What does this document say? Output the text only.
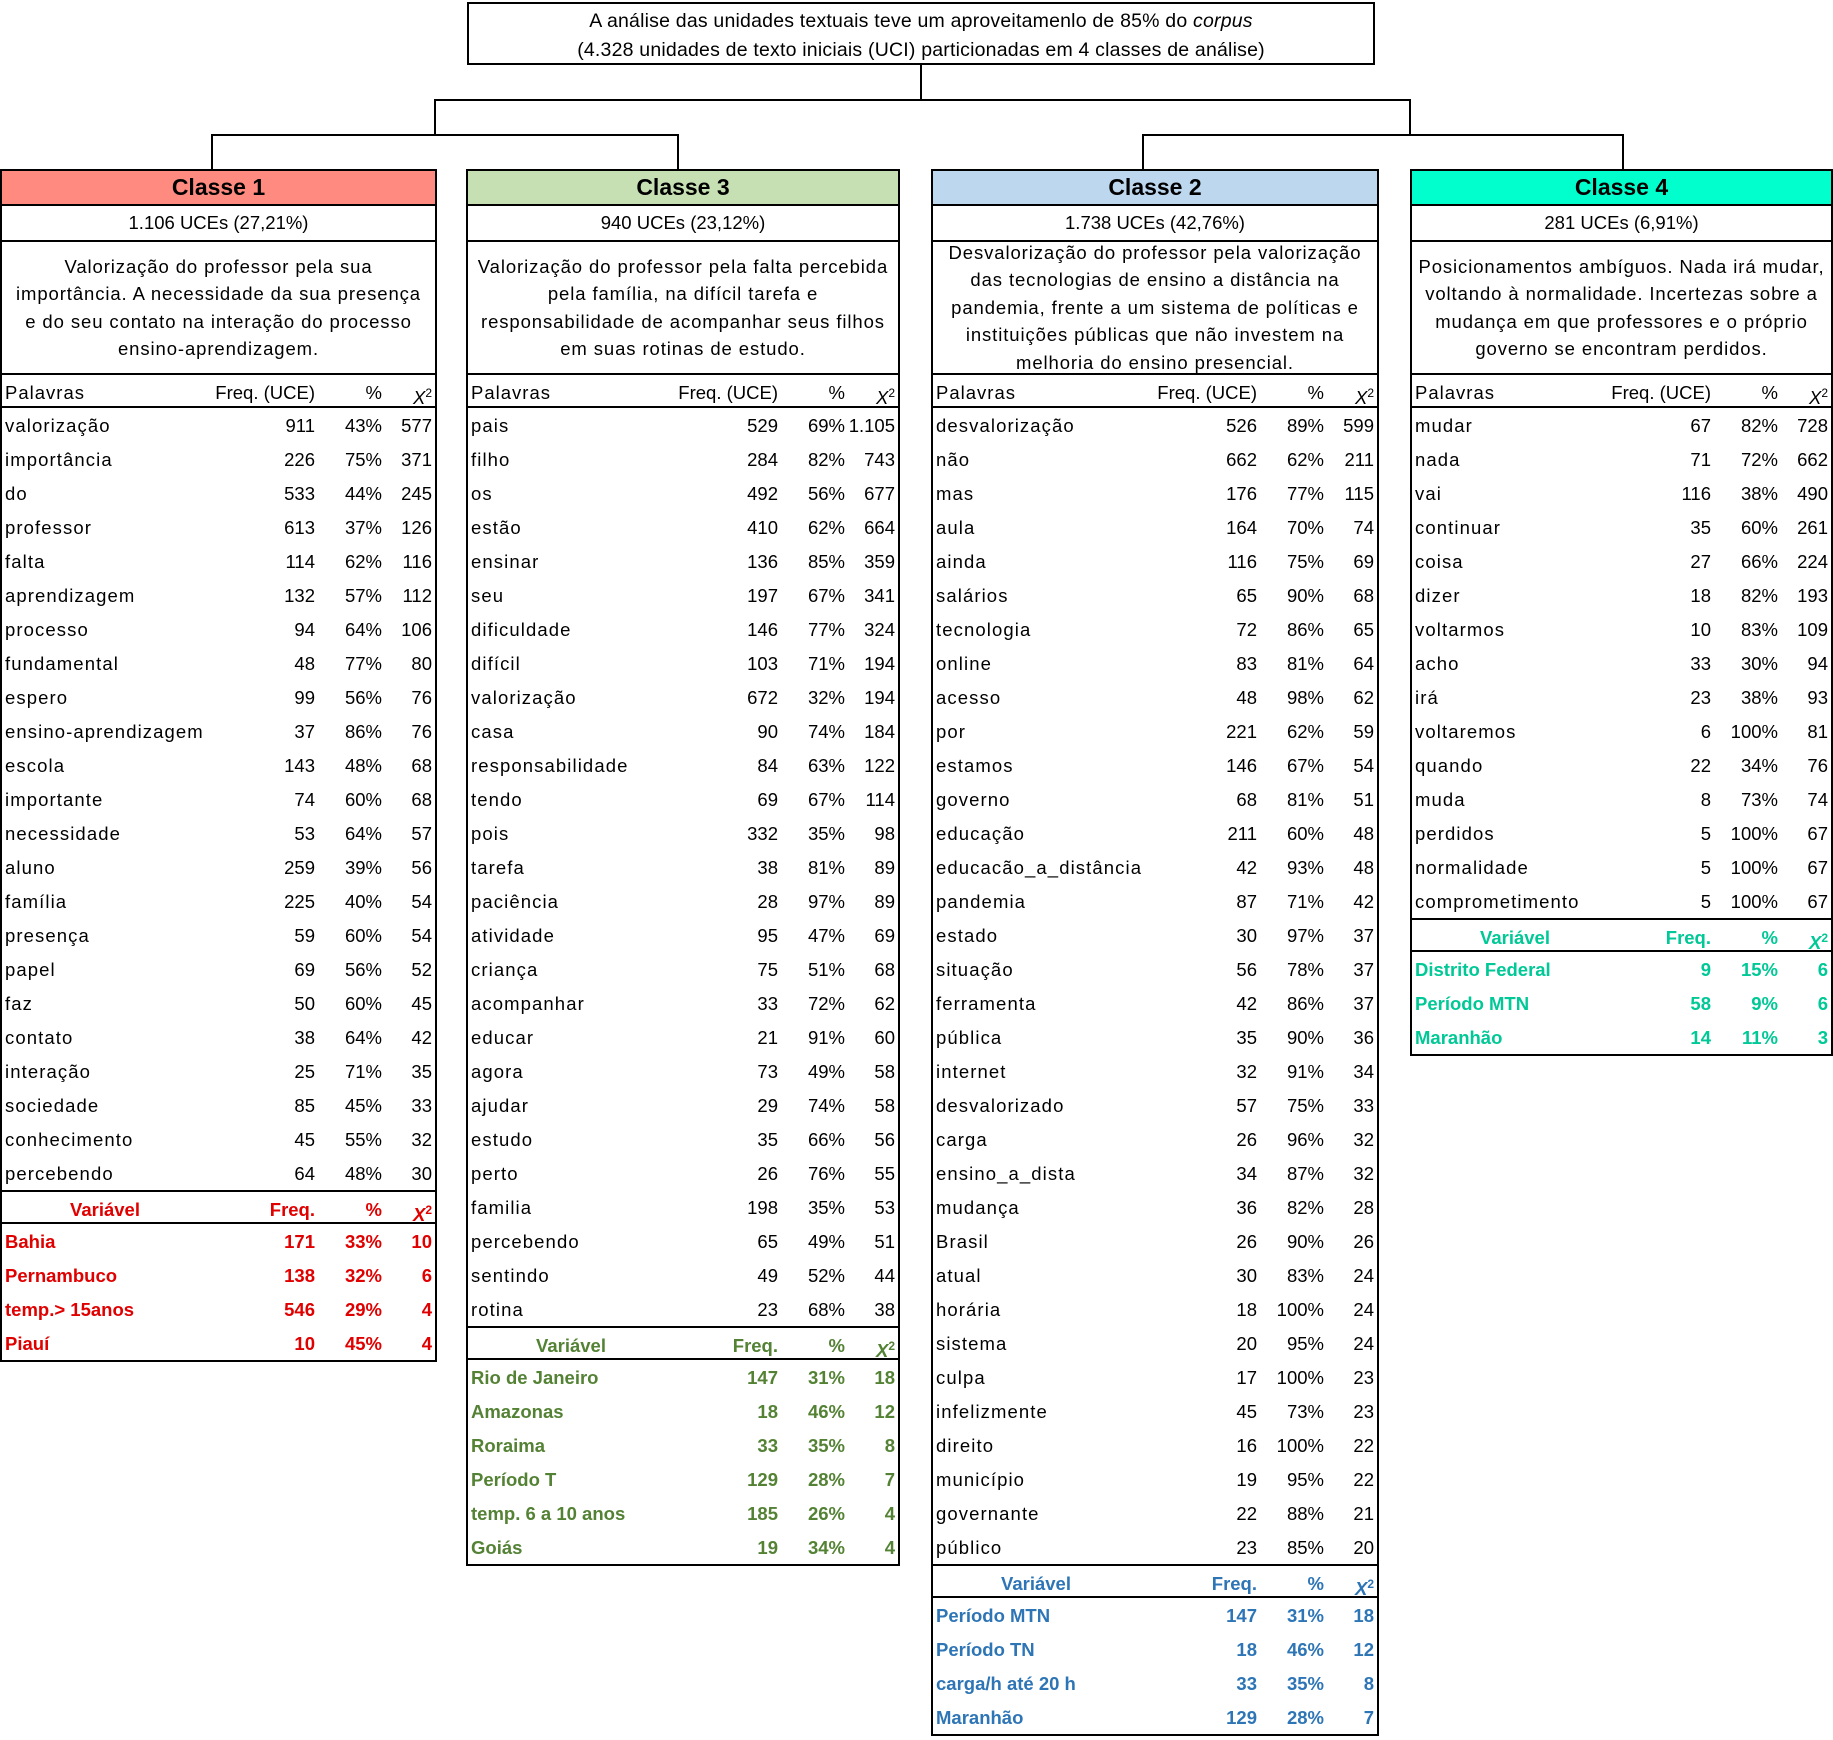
A análise das unidades textuais teve um aproveitamenlo de 85% do corpus
(4.328 unidades de texto iniciais (UCI) particionadas em 4 classes de análise)
Classe 1
1.106 UCEs (27,21%)
Valorização do professor pela sua importância. A necessidade da sua presença e do seu contato na interação do processo ensino-aprendizagem.
Palavras	Freq. (UCE)	%	$X^2$
valorização	911	43%	577
importância	226	75%	371
do	533	44%	245
professor	613	37%	126
falta	114	62%	116
aprendizagem	132	57%	112
processo	94	64%	106
fundamental	48	77%	80
espero	99	56%	76
ensino-aprendizagem	37	86%	76
escola	143	48%	68
importante	74	60%	68
necessidade	53	64%	57
aluno	259	39%	56
família	225	40%	54
presença	59	60%	54
papel	69	56%	52
faz	50	60%	45
contato	38	64%	42
interação	25	71%	35
sociedade	85	45%	33
conhecimento	45	55%	32
percebendo	64	48%	30
Variável	Freq.	%	$X^2$
Bahia	171	33%	10
Pernambuco	138	32%	6
temp.> 15anos	546	29%	4
Piauí	10	45%	4
Classe 3
940 UCEs (23,12%)
Valorização do professor pela falta percebida pela família, na difícil tarefa e responsabilidade de acompanhar seus filhos em suas rotinas de estudo.
Palavras	Freq. (UCE)	%	$X^2$
pais	529	69% 1.105
filho	284	82%	743
os	492	56%	677
estão	410	62%	664
ensinar	136	85%	359
seu	197	67%	341
dificuldade	146	77%	324
difícil	103	71%	194
valorização	672	32%	194
casa	90	74%	184
responsabilidade	84	63%	122
tendo	69	67%	114
pois	332	35%	98
tarefa	38	81%	89
paciência	28	97%	89
atividade	95	47%	69
criança	75	51%	68
acompanhar	33	72%	62
educar	21	91%	60
agora	73	49%	58
ajudar	29	74%	58
estudo	35	66%	56
perto	26	76%	55
familia	198	35%	53
percebendo	65	49%	51
sentindo	49	52%	44
rotina	23	68%	38
Variável	Freq.	%	$X^2$
Rio de Janeiro	147	31%	18
Amazonas	18	46%	12
Roraima	33	35%	8
Período T	129	28%	7
temp. 6 a 10 anos	185	26%	4
Goiás	19	34%	4
Classe 2
1.738 UCEs (42,76%)
Desvalorização do professor pela valorização das tecnologias de ensino a distância na pandemia, frente a um sistema de políticas e instituições públicas que não investem na melhoria do ensino presencial.
Palavras	Freq. (UCE)	%	$X^2$
desvalorização	526	89%	599
não	662	62%	211
mas	176	77%	115
aula	164	70%	74
ainda	116	75%	69
salários	65	90%	68
tecnologia	72	86%	65
online	83	81%	64
acesso	48	98%	62
por	221	62%	59
estamos	146	67%	54
governo	68	81%	51
educação	211	60%	48
educacão_a_distância	42	93%	48
pandemia	87	71%	42
estado	30	97%	37
situação	56	78%	37
ferramenta	42	86%	37
pública	35	90%	36
internet	32	91%	34
desvalorizado	57	75%	33
carga	26	96%	32
ensino_a_dista	34	87%	32
mudança	36	82%	28
Brasil	26	90%	26
atual	30	83%	24
horária	18	100%	24
sistema	20	95%	24
culpa	17	100%	23
infelizmente	45	73%	23
direito	16	100%	22
município	19	95%	22
governante	22	88%	21
público	23	85%	20
Variável	Freq.	%	$X^2$
Período MTN	147	31%	18
Período TN	18	46%	12
carga/h até 20 h	33	35%	8
Maranhão	129	28%	7
Classe 4
281 UCEs (6,91%)
Posicionamentos ambíguos. Nada irá mudar, voltando à normalidade. Incertezas sobre a mudança em que professores e o próprio governo se encontram perdidos.
Palavras	Freq. (UCE)	%	$X^2$
mudar	67	82%	728
nada	71	72%	662
vai	116	38%	490
continuar	35	60%	261
coisa	27	66%	224
dizer	18	82%	193
voltarmos	10	83%	109
acho	33	30%	94
irá	23	38%	93
voltaremos	6	100%	81
quando	22	34%	76
muda	8	73%	74
perdidos	5	100%	67
normalidade	5	100%	67
comprometimento	5	100%	67
Variável	Freq.	%	$X^2$
Distrito Federal	9	15%	6
Período MTN	58	9%	6
Maranhão	14	11%	3
